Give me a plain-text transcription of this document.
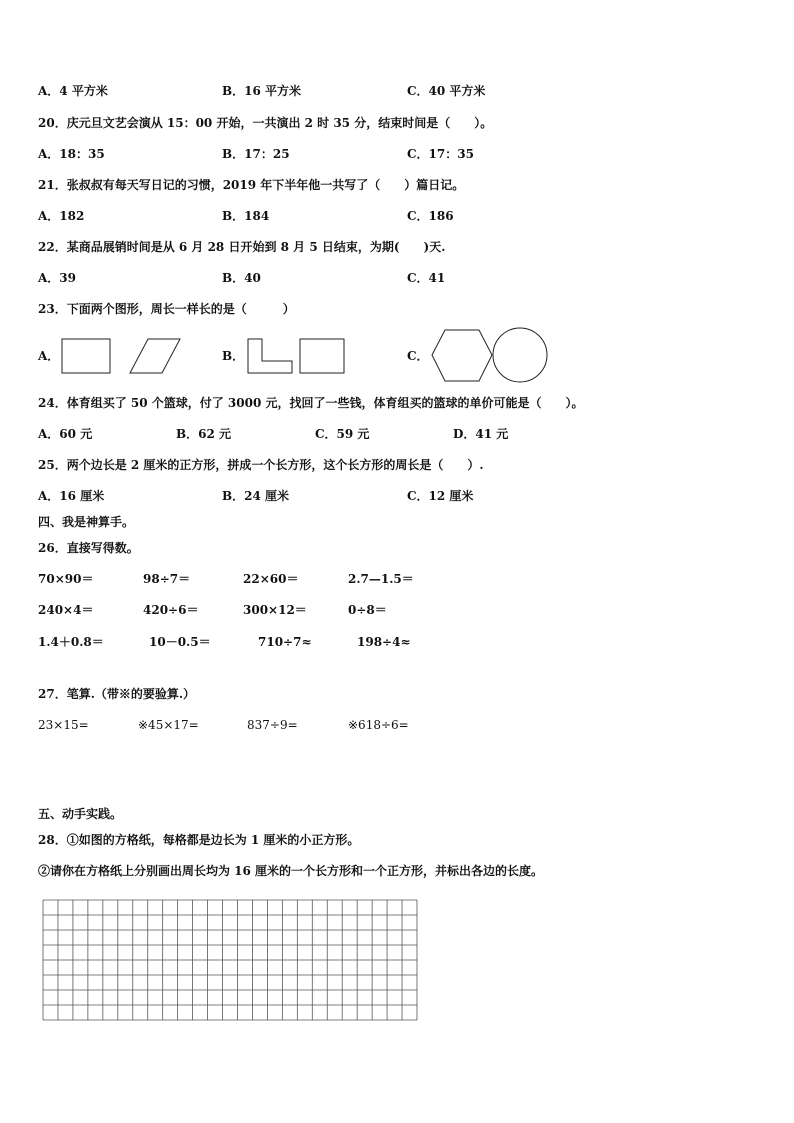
A．4 平方米	B．16 平方米	C．40 平方米
20．庆元旦文艺会演从 15：00 开始，一共演出 2 时 35 分，结束时间是（　　）。
A．18：35	B．17：25	C．17：35
21．张叔叔有每天写日记的习惯，2019 年下半年他一共写了（　　）篇日记。
A．182	B．184	C．186
22．某商品展销时间是从 6 月 28 日开始到 8 月 5 日结束，为期(　　)天.
A．39	B．40	C．41
23．下面两个图形，周长一样长的是（　　　）
A．	B．	C．
24．体育组买了 50 个篮球，付了 3000 元，找回了一些钱，体育组买的篮球的单价可能是（　　）。
A．60 元	B．62 元	C．59 元	D．41 元
25．两个边长是 2 厘米的正方形，拼成一个长方形，这个长方形的周长是（　　）.
A．16 厘米	B．24 厘米	C．12 厘米
四、我是神算手。
26．直接写得数。
70×90＝	98÷7＝	22×60＝	2.7—1.5＝
240×4＝	420÷6＝	300×12＝	0÷8＝
1.4＋0.8＝	10－0.5＝	710÷7≈	198÷4≈
27．笔算.（带※的要验算.）
23×15=	※45×17=	837÷9=	※618÷6=
五、动手实践。
28．①如图的方格纸，每格都是边长为 1 厘米的小正方形。
②请你在方格纸上分别画出周长均为 16 厘米的一个长方形和一个正方形，并标出各边的长度。
